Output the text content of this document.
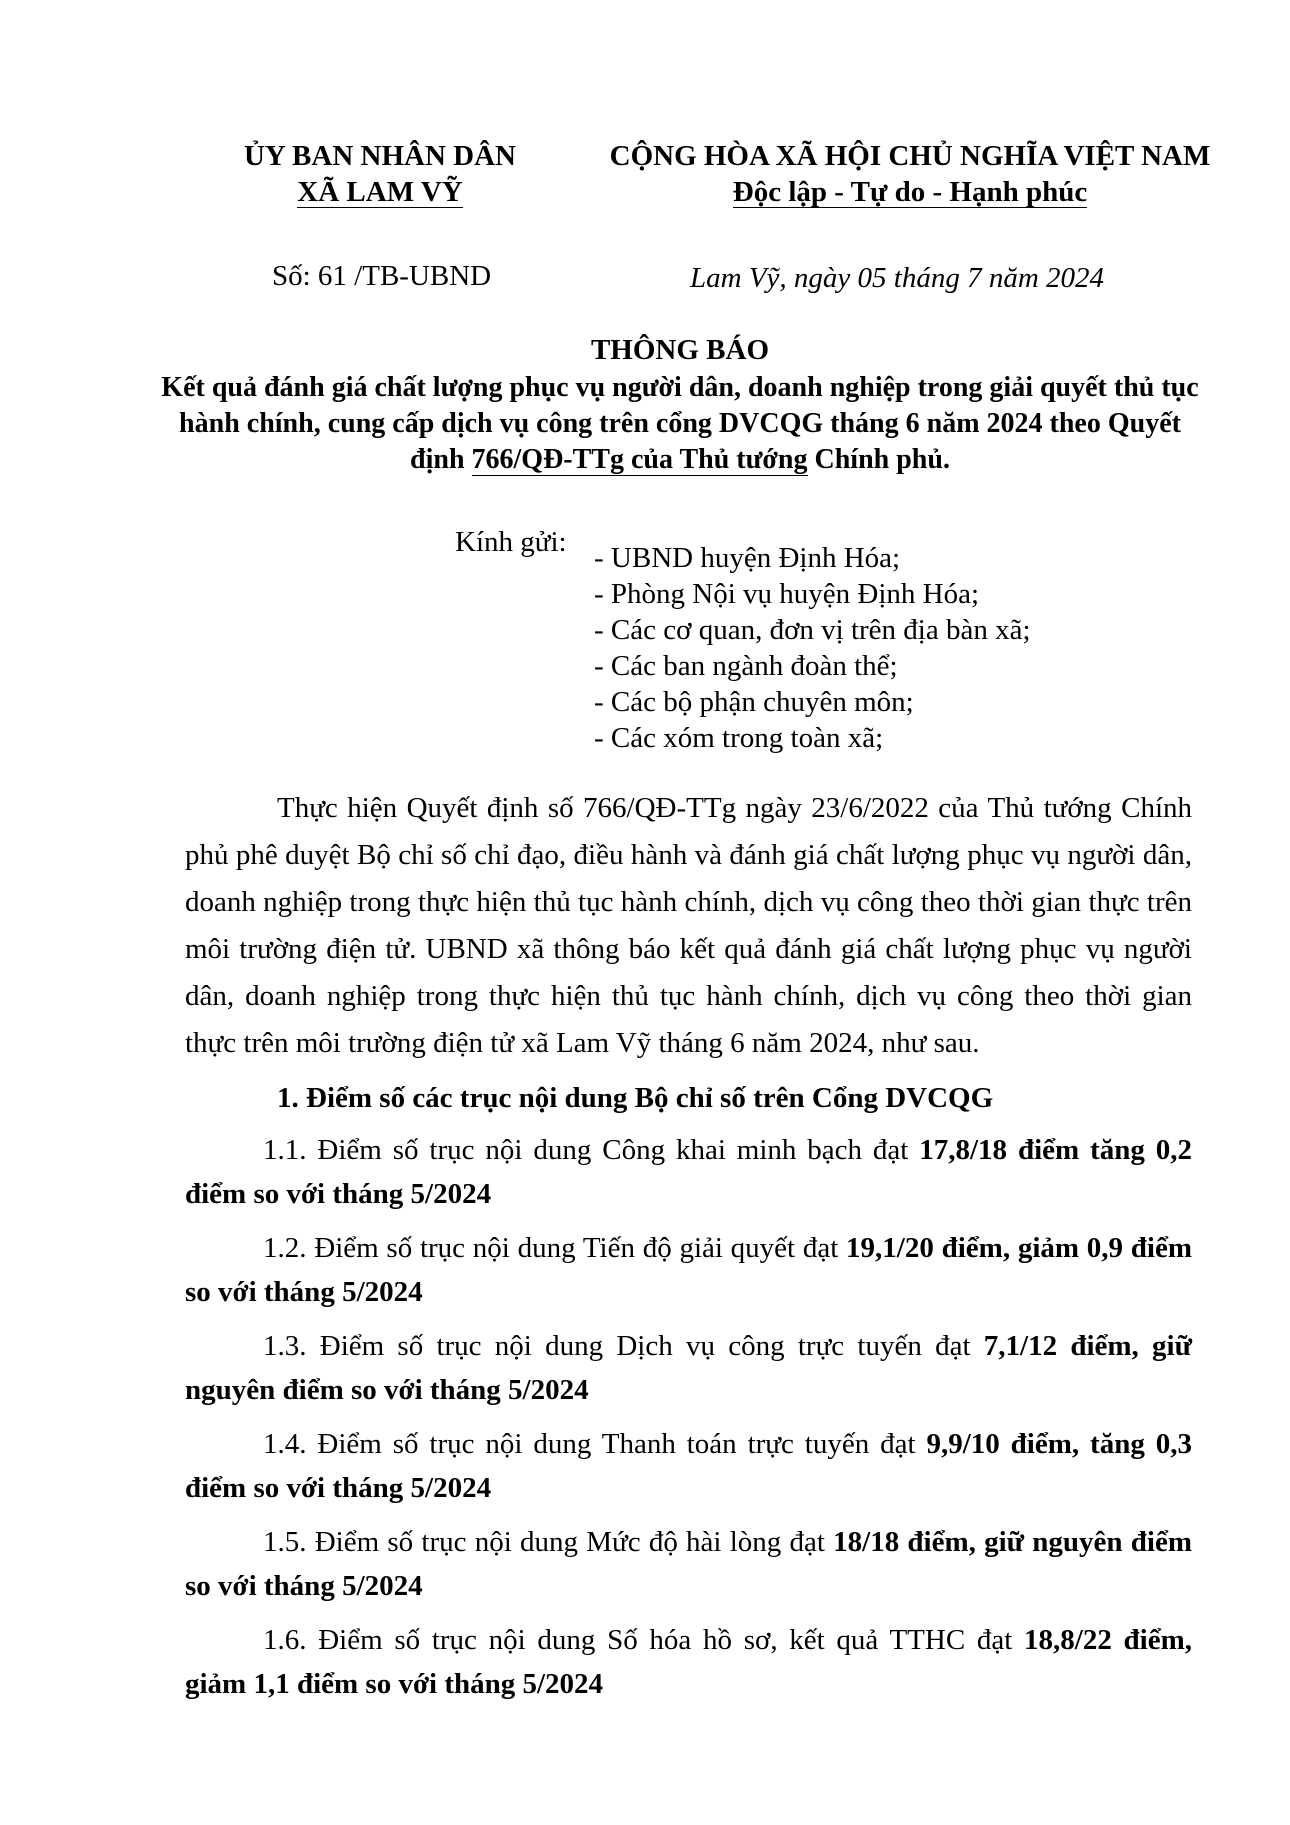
ỦY BAN NHÂN DÂN
XÃ LAM VỸ
CỘNG HÒA XÃ HỘI CHỦ NGHĨA VIỆT NAM
Độc lập - Tự do - Hạnh phúc
Số: 61 /TB-UBND	Lam Vỹ, ngày 05 tháng 7 năm 2024
THÔNG BÁO
Kết quả đánh giá chất lượng phục vụ người dân, doanh nghiệp trong giải quyết thủ tục hành chính, cung cấp dịch vụ công trên cổng DVCQG tháng 6 năm 2024 theo Quyết định 766/QĐ-TTg của Thủ tướng Chính phủ.
Kính gửi: - UBND huyện Định Hóa;
- Phòng Nội vụ huyện Định Hóa;
- Các cơ quan, đơn vị trên địa bàn xã;
- Các ban ngành đoàn thể;
- Các bộ phận chuyên môn;
- Các xóm trong toàn xã;
Thực hiện Quyết định số 766/QĐ-TTg ngày 23/6/2022 của Thủ tướng Chính phủ phê duyệt Bộ chỉ số chỉ đạo, điều hành và đánh giá chất lượng phục vụ người dân, doanh nghiệp trong thực hiện thủ tục hành chính, dịch vụ công theo thời gian thực trên môi trường điện tử. UBND xã thông báo kết quả đánh giá chất lượng phục vụ người dân, doanh nghiệp trong thực hiện thủ tục hành chính, dịch vụ công theo thời gian thực trên môi trường điện tử xã Lam Vỹ tháng 6 năm 2024, như sau.
1. Điểm số các trục nội dung Bộ chỉ số trên Cổng DVCQG
1.1. Điểm số trục nội dung Công khai minh bạch đạt 17,8/18 điểm tăng 0,2 điểm so với tháng 5/2024
1.2. Điểm số trục nội dung Tiến độ giải quyết đạt 19,1/20 điểm, giảm 0,9 điểm so với tháng 5/2024
1.3. Điểm số trục nội dung Dịch vụ công trực tuyến đạt 7,1/12 điểm, giữ nguyên điểm so với tháng 5/2024
1.4. Điểm số trục nội dung Thanh toán trực tuyến đạt 9,9/10 điểm, tăng 0,3 điểm so với tháng 5/2024
1.5. Điểm số trục nội dung Mức độ hài lòng đạt 18/18 điểm, giữ nguyên điểm so với tháng 5/2024
1.6. Điểm số trục nội dung Số hóa hồ sơ, kết quả TTHC đạt 18,8/22 điểm, giảm 1,1 điểm so với tháng 5/2024
